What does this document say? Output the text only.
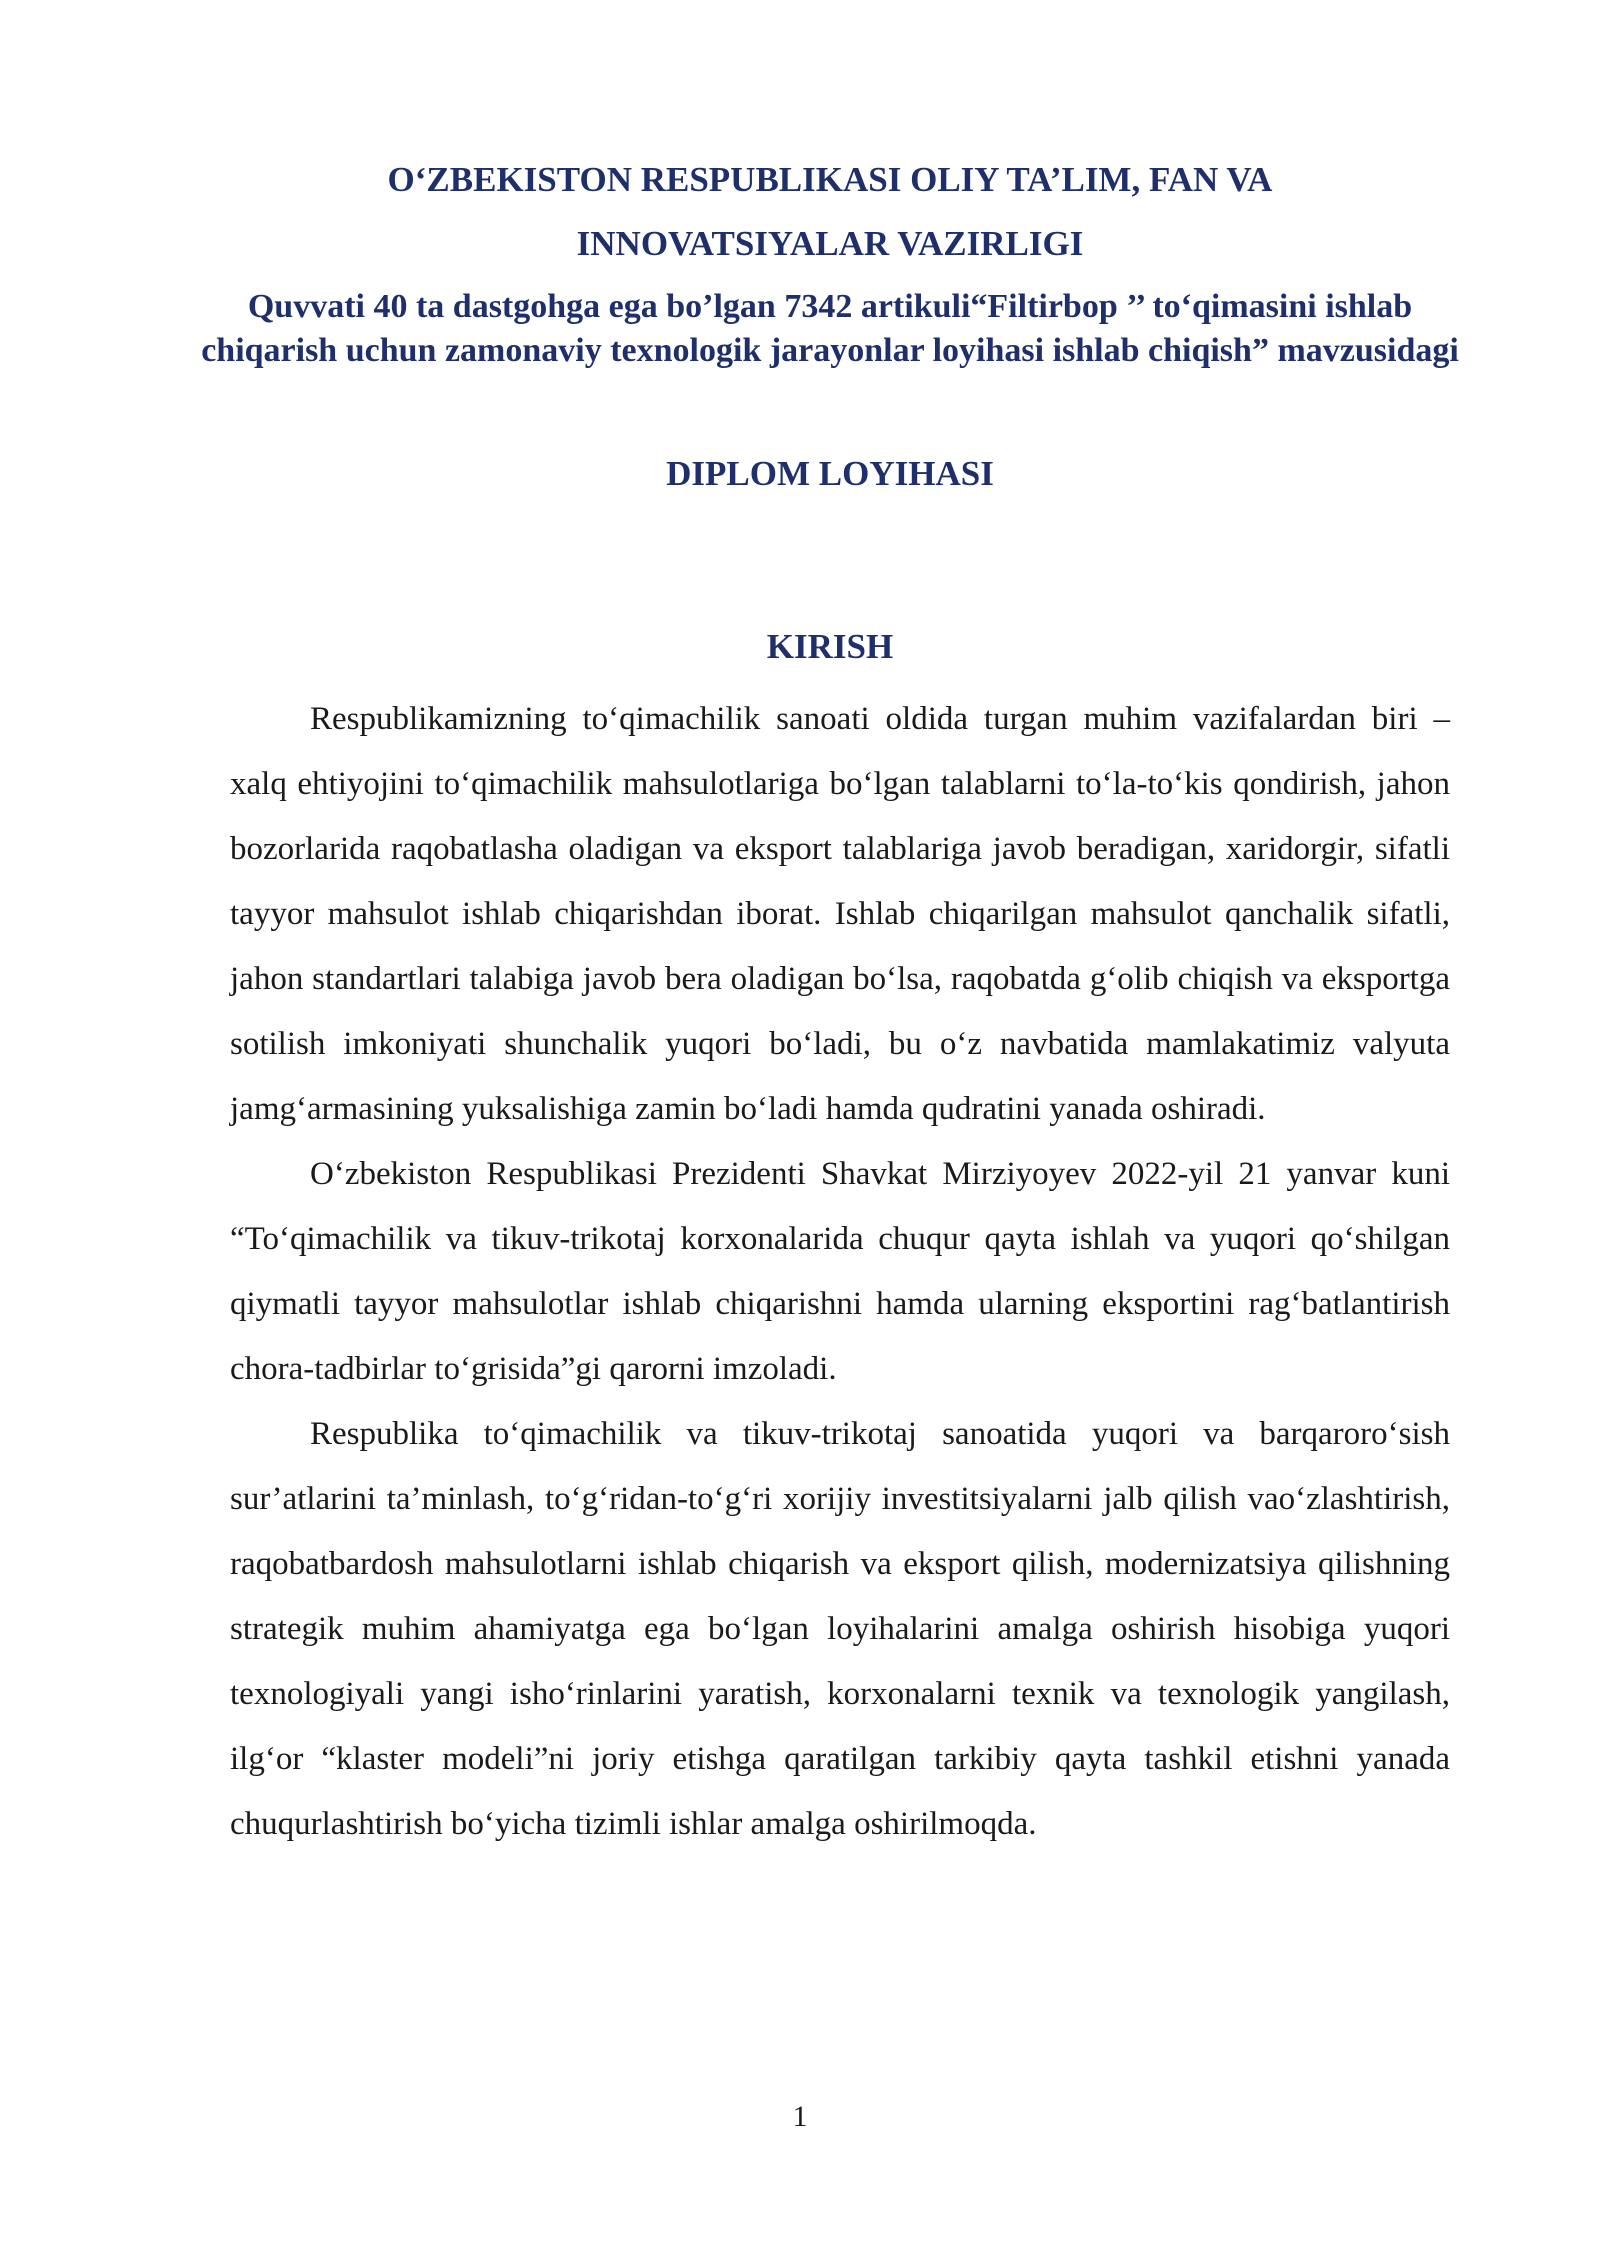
O‘ZBEKISTON RESPUBLIKASI OLIY TA’LIM, FAN VA
INNOVATSIYALAR VAZIRLIGI
Quvvati 40 ta dastgohga ega bo’lgan 7342 artikuli“Filtirbop ’’ to‘qimasini ishlab chiqarish uchun zamonaviy texnologik jarayonlar loyihasi ishlab chiqish” mavzusidagi
DIPLOM LOYIHASI
KIRISH

Respublikamizning to‘qimachilik sanoati oldida turgan muhim vazifalardan biri – xalq ehtiyojini to‘qimachilik mahsulotlariga bo‘lgan talablarni to‘la-to‘kis qondirish, jahon bozorlarida raqobatlasha oladigan va eksport talablariga javob beradigan, xaridorgir, sifatli tayyor mahsulot ishlab chiqarishdan iborat. Ishlab chiqarilgan mahsulot qanchalik sifatli, jahon standartlari talabiga javob bera oladigan bo‘lsa, raqobatda g‘olib chiqish va eksportga sotilish imkoniyati shunchalik yuqori bo‘ladi, bu o‘z navbatida mamlakatimiz valyuta jamg‘armasining yuksalishiga zamin bo‘ladi hamda qudratini yanada oshiradi.

O‘zbekiston Respublikasi Prezidenti Shavkat Mirziyoyev 2022-yil 21 yanvar kuni “To‘qimachilik va tikuv-trikotaj korxonalarida chuqur qayta ishlah va yuqori qo‘shilgan qiymatli tayyor mahsulotlar ishlab chiqarishni hamda ularning eksportini rag‘batlantirish chora-tadbirlar to‘grisida”gi qarorni imzoladi.

Respublika to‘qimachilik va tikuv-trikotaj sanoatida yuqori va barqaroro‘sish sur’atlarini ta’minlash, to‘g‘ridan-to‘g‘ri xorijiy investitsiyalarni jalb qilish vao‘zlashtirish, raqobatbardosh mahsulotlarni ishlab chiqarish va eksport qilish, modernizatsiya qilishning strategik muhim ahamiyatga ega bo‘lgan loyihalarini amalga oshirish hisobiga yuqori texnologiyali yangi isho‘rinlarini yaratish, korxonalarni texnik va texnologik yangilash, ilg‘or “klaster modeli”ni joriy etishga qaratilgan tarkibiy qayta tashkil etishni yanada chuqurlashtirish bo‘yicha tizimli ishlar amalga oshirilmoqda.

1
